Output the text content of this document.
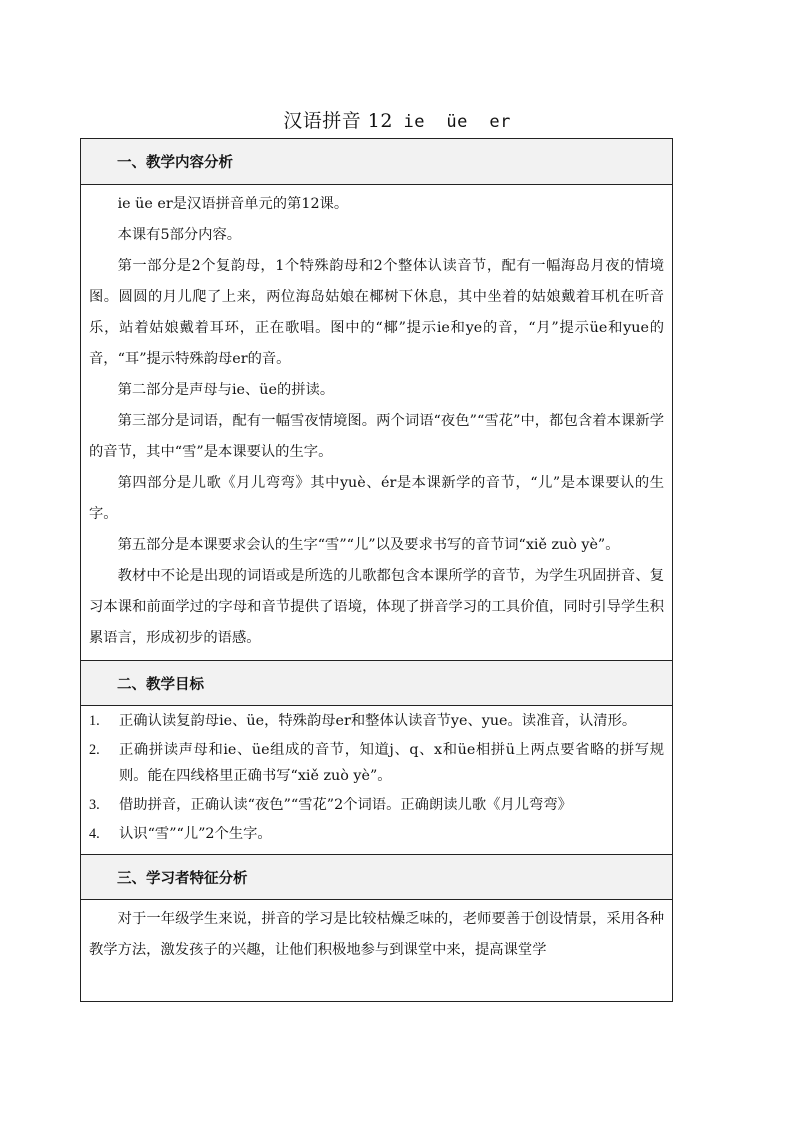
汉语拼音 12 ie  üe  er
一、教学内容分析

ie üe er是汉语拼音单元的第12课。

本课有5部分内容。

第一部分是2个复韵母，1个特殊韵母和2个整体认读音节，配有一幅海岛月夜的情境图。圆圆的月儿爬了上来，两位海岛姑娘在椰树下休息，其中坐着的姑娘戴着耳机在听音乐，站着姑娘戴着耳环，正在歌唱。图中的“椰”提示ie和ye的音，“月”提示üe和yue的音，“耳”提示特殊韵母er的音。

第二部分是声母与ie、üe的拼读。

第三部分是词语，配有一幅雪夜情境图。两个词语“夜色”“雪花”中，都包含着本课新学的音节，其中“雪”是本课要认的生字。

第四部分是儿歌《月儿弯弯》其中yuè、ér是本课新学的音节，“儿”是本课要认的生字。

第五部分是本课要求会认的生字“雪”“儿”以及要求书写的音节词“xiě zuò yè”。

教材中不论是出现的词语或是所选的儿歌都包含本课所学的音节，为学生巩固拼音、复习本课和前面学过的字母和音节提供了语境，体现了拼音学习的工具价值，同时引导学生积累语言，形成初步的语感。

二、教学目标
1.	正确认读复韵母ie、üe，特殊韵母er和整体认读音节ye、yue。读准音，认清形。
2.	正确拼读声母和ie、üe组成的音节，知道j、q、x和üe相拼ü上两点要省略的拼写规则。能在四线格里正确书写“xiě zuò yè”。
3.	借助拼音，正确认读“夜色”“雪花”2个词语。正确朗读儿歌《月儿弯弯》
4.	认识“雪”“儿”2个生字。
三、学习者特征分析

对于一年级学生来说，拼音的学习是比较枯燥乏味的，老师要善于创设情景，采用各种教学方法，激发孩子的兴趣，让他们积极地参与到课堂中来，提高课堂学
